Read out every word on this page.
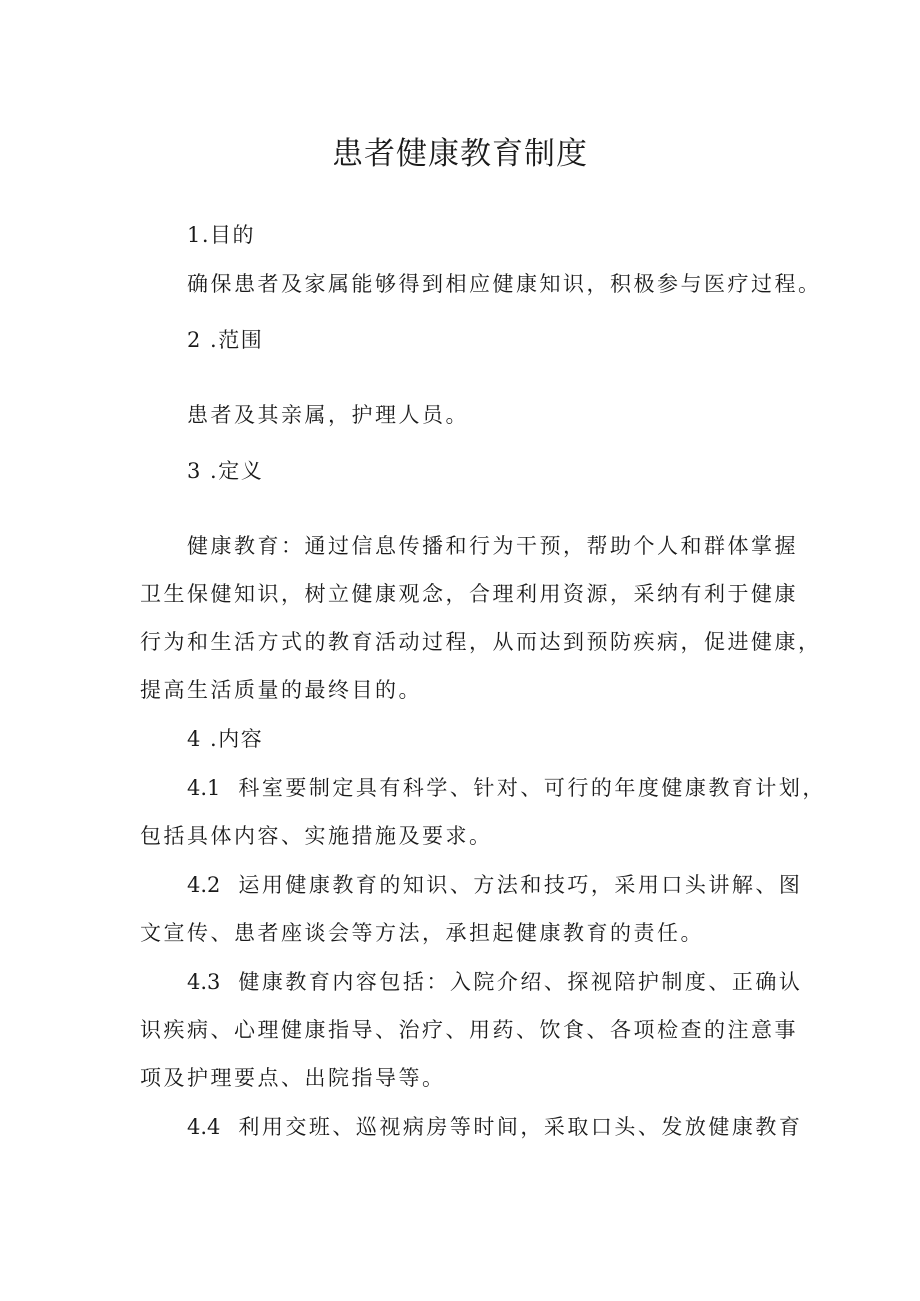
患者健康教育制度
1.目的
确保患者及家属能够得到相应健康知识，积极参与医疗过程。
2 .范围
患者及其亲属，护理人员。
3 .定义
健康教育：通过信息传播和行为干预，帮助个人和群体掌握
卫生保健知识，树立健康观念，合理利用资源，采纳有利于健康
行为和生活方式的教育活动过程，从而达到预防疾病，促进健康，
提高生活质量的最终目的。
4 .内容
4.1 科室要制定具有科学、针对、可行的年度健康教育计划，
包括具体内容、实施措施及要求。
4.2 运用健康教育的知识、方法和技巧，采用口头讲解、图
文宣传、患者座谈会等方法，承担起健康教育的责任。
4.3 健康教育内容包括：入院介绍、探视陪护制度、正确认
识疾病、心理健康指导、治疗、用药、饮食、各项检查的注意事
项及护理要点、出院指导等。
4.4 利用交班、巡视病房等时间，采取口头、发放健康教育
